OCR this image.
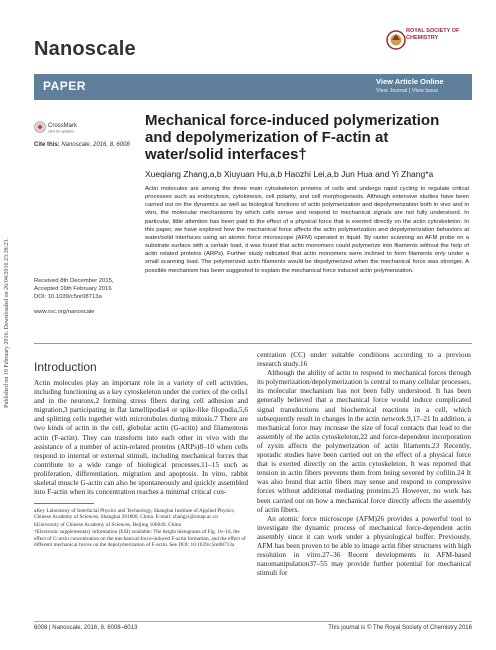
Published on 19 February 2016. Downloaded on 26/04/2016 23:38:23.
Nanoscale
ROYAL SOCIETY OF CHEMISTRY
PAPER	View Article Online
View Journal | View Issue
CrossMark
click for updates
Cite this: Nanoscale, 2016, 8, 6008
Mechanical force-induced polymerization and depolymerization of F-actin at water/solid interfaces†
Xueqiang Zhang,a,b Xiuyuan Hu,a,b Haozhi Lei,a,b Jun Hua and Yi Zhang*a
Actin molecules are among the three main cytoskeleton proteins of cells and undergo rapid cycling to regulate critical processes such as endocytosis, cytokinesis, cell polarity, and cell morphogenesis. Although extensive studies have been carried out on the dynamics as well as biological functions of actin polymerization and depolymerization both in vivo and in vitro, the molecular mechanisms by which cells sense and respond to mechanical signals are not fully understood. In particular, little attention has been paid to the effect of a physical force that is exerted directly on the actin cytoskeleton. In this paper, we have explored how the mechanical force affects the actin polymerization and depolymerization behaviors at water/solid interfaces using an atomic force microscope (AFM) operated in liquid. By raster scanning an AFM probe on a substrate surface with a certain load, it was found that actin monomers could polymerize into filaments without the help of actin related proteins (ARPs). Further study indicated that actin monomers were inclined to form filaments only under a small scanning load. The polymerized actin filaments would be depolymerized when the mechanical force was stronger. A possible mechanism has been suggested to explain the mechanical force induced actin polymerization.
Received 8th December 2015,
Accepted 16th February 2016
DOI: 10.1039/c5nr08713a
www.rsc.org/nanoscale
Introduction

Actin molecules play an important role in a variety of cell activities, including functioning as a key cytoskeleton under the cortex of the cells1 and in the neurons,2 forming stress fibers during cell adhesion and migration,3 participating in flat lamellipodia4 or spike-like filopodia,5,6 and splitting cells together with microtubules during mitosis.7 There are two kinds of actin in the cell, globular actin (G-actin) and filamentous actin (F-actin). They can transform into each other in vivo with the assistance of a number of actin-related proteins (ARPs)8–10 when cells respond to internal or external stimuli, including mechanical forces that contribute to a wide range of biological processes,11–15 such as proliferation, differentiation, migration and apoptosis. In vitro, rabbit skeletal muscle G-actin can also be spontaneously and quickly assembled into F-actin when its concentration reaches a minimal critical con-

centration (CC) under suitable conditions according to a previous research study.16

Although the ability of actin to respond to mechanical forces through its polymerization/depolymerization is central to many cellular processes, its molecular mechanism has not been fully understood. It has been generally believed that a mechanical force would induce complicated signal transductions and biochemical reactions in a cell, which subsequently result in changes in the actin network.9,17–21 In addition, a mechanical force may increase the size of focal contacts that lead to the assembly of the actin cytoskeleton,22 and force-dependent incorporation of zyxin affects the polymerization of actin filaments.23 Recently, sporadic studies have been carried out on the effect of a physical force that is exerted directly on the actin cytoskeleton. It was reported that tension in actin fibers prevents them from being severed by cofilin.24 It was also found that actin fibers may sense and respond to compressive forces without additional mediating proteins.25 However, no work has been carried out on how a mechanical force directly affects the assembly of actin fibers.

An atomic force microscope (AFM)26 provides a powerful tool to investigate the dynamic process of mechanical force-dependent actin assembly since it can work under a physiological buffer. Previously, AFM has been proven to be able to image actin fiber structures with high resolution in vitro.27–36 Recent developments in AFM-based nanomanipulation37–55 may provide further potential for mechanical stimuli for

aKey Laboratory of Interfacial Physics and Technology, Shanghai Institute of Applied Physics, Chinese Academy of Sciences, Shanghai 201800, China. E-mail: zhangyi@sinap.ac.cn
bUniversity of Chinese Academy of Sciences, Beijing 100049, China
†Electronic supplementary information (ESI) available: The height histograms of Fig. 1b–1d, the effect of G-actin concentration on the mechanical-force-induced F-actin formation, and the effect of different mechanical forces on the depolymerization of F-actin. See DOI: 10.1039/c5nr08713a
6008 | Nanoscale, 2016, 8, 6008–6013	This journal is © The Royal Society of Chemistry 2016
